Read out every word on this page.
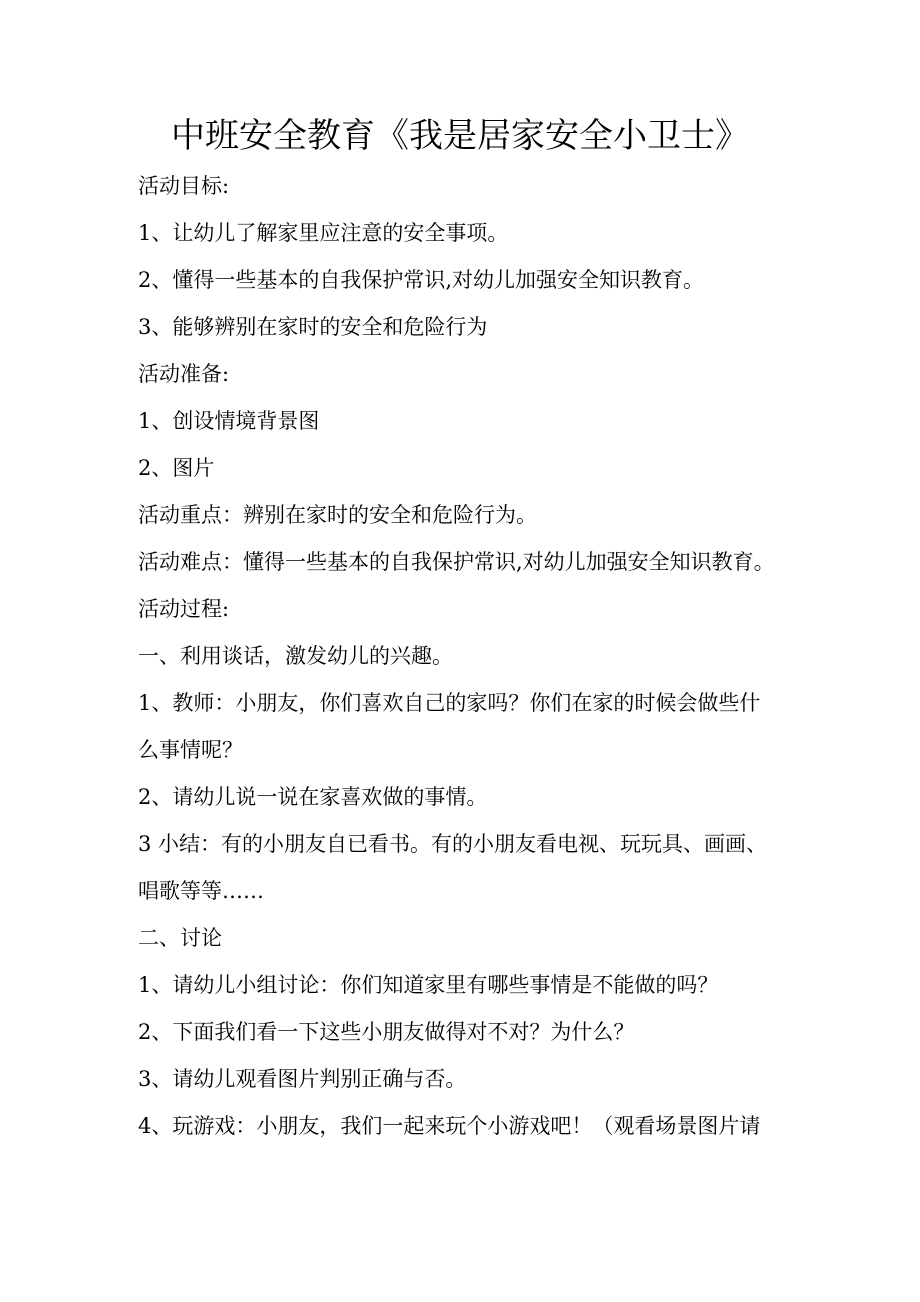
中班安全教育《我是居家安全小卫士》
活动目标:
1、让幼儿了解家里应注意的安全事项。
2、懂得一些基本的自我保护常识,对幼儿加强安全知识教育。
3、能够辨别在家时的安全和危险行为
活动准备:
1、创设情境背景图
2、图片
活动重点：辨别在家时的安全和危险行为。
活动难点：懂得一些基本的自我保护常识,对幼儿加强安全知识教育。
活动过程:
一、利用谈话，激发幼儿的兴趣。
1、教师：小朋友，你们喜欢自己的家吗？你们在家的时候会做些什
么事情呢？
2、请幼儿说一说在家喜欢做的事情。
3 小结：有的小朋友自已看书。有的小朋友看电视、玩玩具、画画、
唱歌等等……
二、讨论
1、请幼儿小组讨论：你们知道家里有哪些事情是不能做的吗？
2、下面我们看一下这些小朋友做得对不对？为什么？
3、请幼儿观看图片判别正确与否。
4、玩游戏：小朋友，我们一起来玩个小游戏吧！（观看场景图片请
